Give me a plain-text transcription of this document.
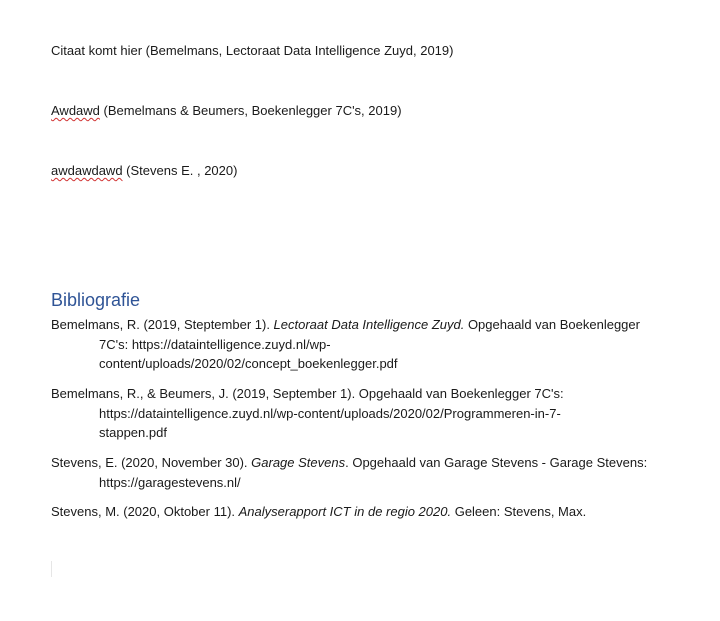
Citaat komt hier (Bemelmans, Lectoraat Data Intelligence Zuyd, 2019)
Awdawd (Bemelmans & Beumers, Boekenlegger 7C's, 2019)
awdawdawd (Stevens E. , 2020)
Bibliografie
Bemelmans, R. (2019, Steptember 1). Lectoraat Data Intelligence Zuyd. Opgehaald van Boekenlegger
7C's: https://dataintelligence.zuyd.nl/wp-
content/uploads/2020/02/concept_boekenlegger.pdf
Bemelmans, R., & Beumers, J. (2019, September 1). Opgehaald van Boekenlegger 7C's:
https://dataintelligence.zuyd.nl/wp-content/uploads/2020/02/Programmeren-in-7-
stappen.pdf
Stevens, E. (2020, November 30). Garage Stevens. Opgehaald van Garage Stevens - Garage Stevens:
https://garagestevens.nl/
Stevens, M. (2020, Oktober 11). Analyserapport ICT in de regio 2020. Geleen: Stevens, Max.
